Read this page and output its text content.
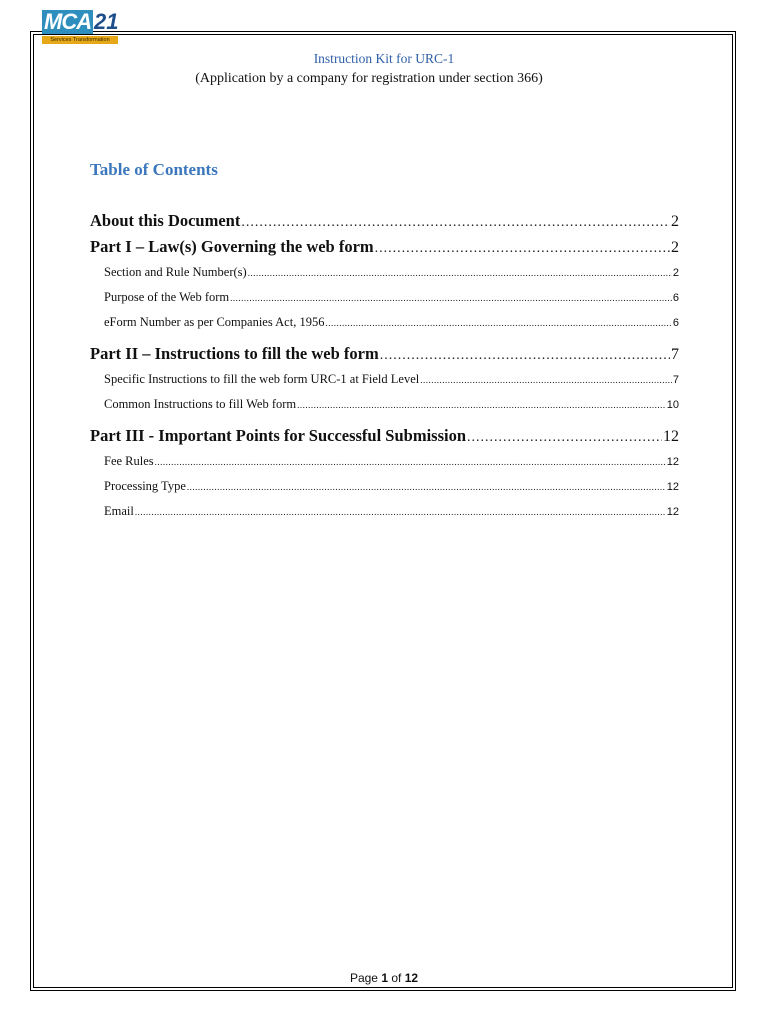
MCA 21
Services Transformation
Instruction Kit for URC-1
(Application by a company for registration under section 366)
Table of Contents
About this Document .....	2
Part I – Law(s) Governing the web form .....	2
Section and Rule Number(s) .....	2
Purpose of the Web form .....	6
eForm Number as per Companies Act, 1956 .....	6
Part II – Instructions to fill the web form .....	7
Specific Instructions to fill the web form URC-1 at Field Level .....	7
Common Instructions to fill Web form .....	10
Part III - Important Points for Successful Submission .....	12
Fee Rules .....	12
Processing Type .....	12
Email .....	12
Page 1 of 12
